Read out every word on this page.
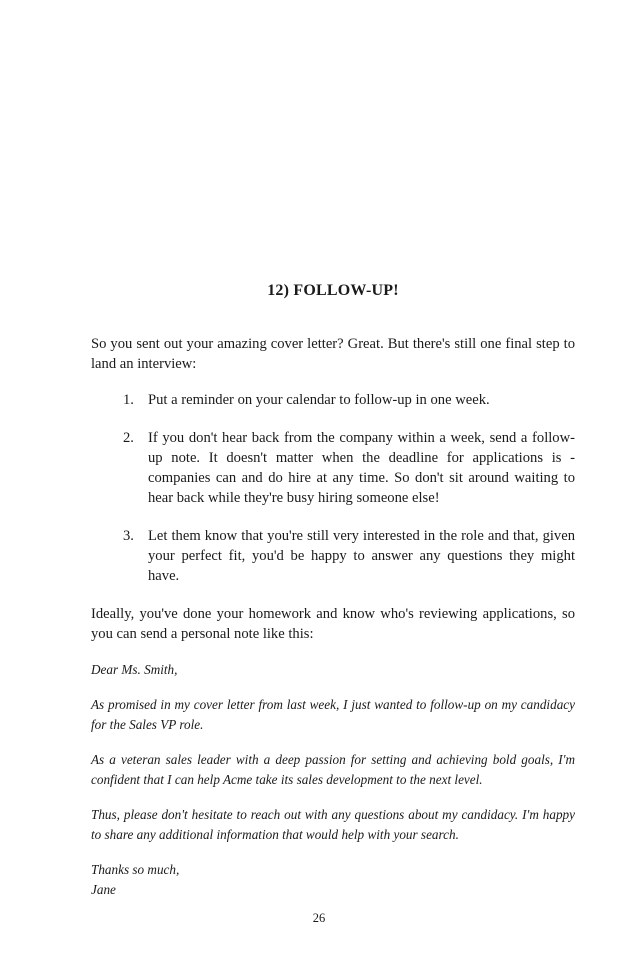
12) FOLLOW-UP!

So you sent out your amazing cover letter? Great. But there's still one final step to land an interview:

1. Put a reminder on your calendar to follow-up in one week.
2. If you don't hear back from the company within a week, send a follow-up note. It doesn't matter when the deadline for applications is - companies can and do hire at any time. So don't sit around waiting to hear back while they're busy hiring someone else!
3. Let them know that you're still very interested in the role and that, given your perfect fit, you'd be happy to answer any questions they might have.

Ideally, you've done your homework and know who's reviewing applications, so you can send a personal note like this:

Dear Ms. Smith,

As promised in my cover letter from last week, I just wanted to follow-up on my candidacy for the Sales VP role.

As a veteran sales leader with a deep passion for setting and achieving bold goals, I'm confident that I can help Acme take its sales development to the next level.

Thus, please don't hesitate to reach out with any questions about my candidacy. I'm happy to share any additional information that would help with your search.

Thanks so much,
Jane

26
